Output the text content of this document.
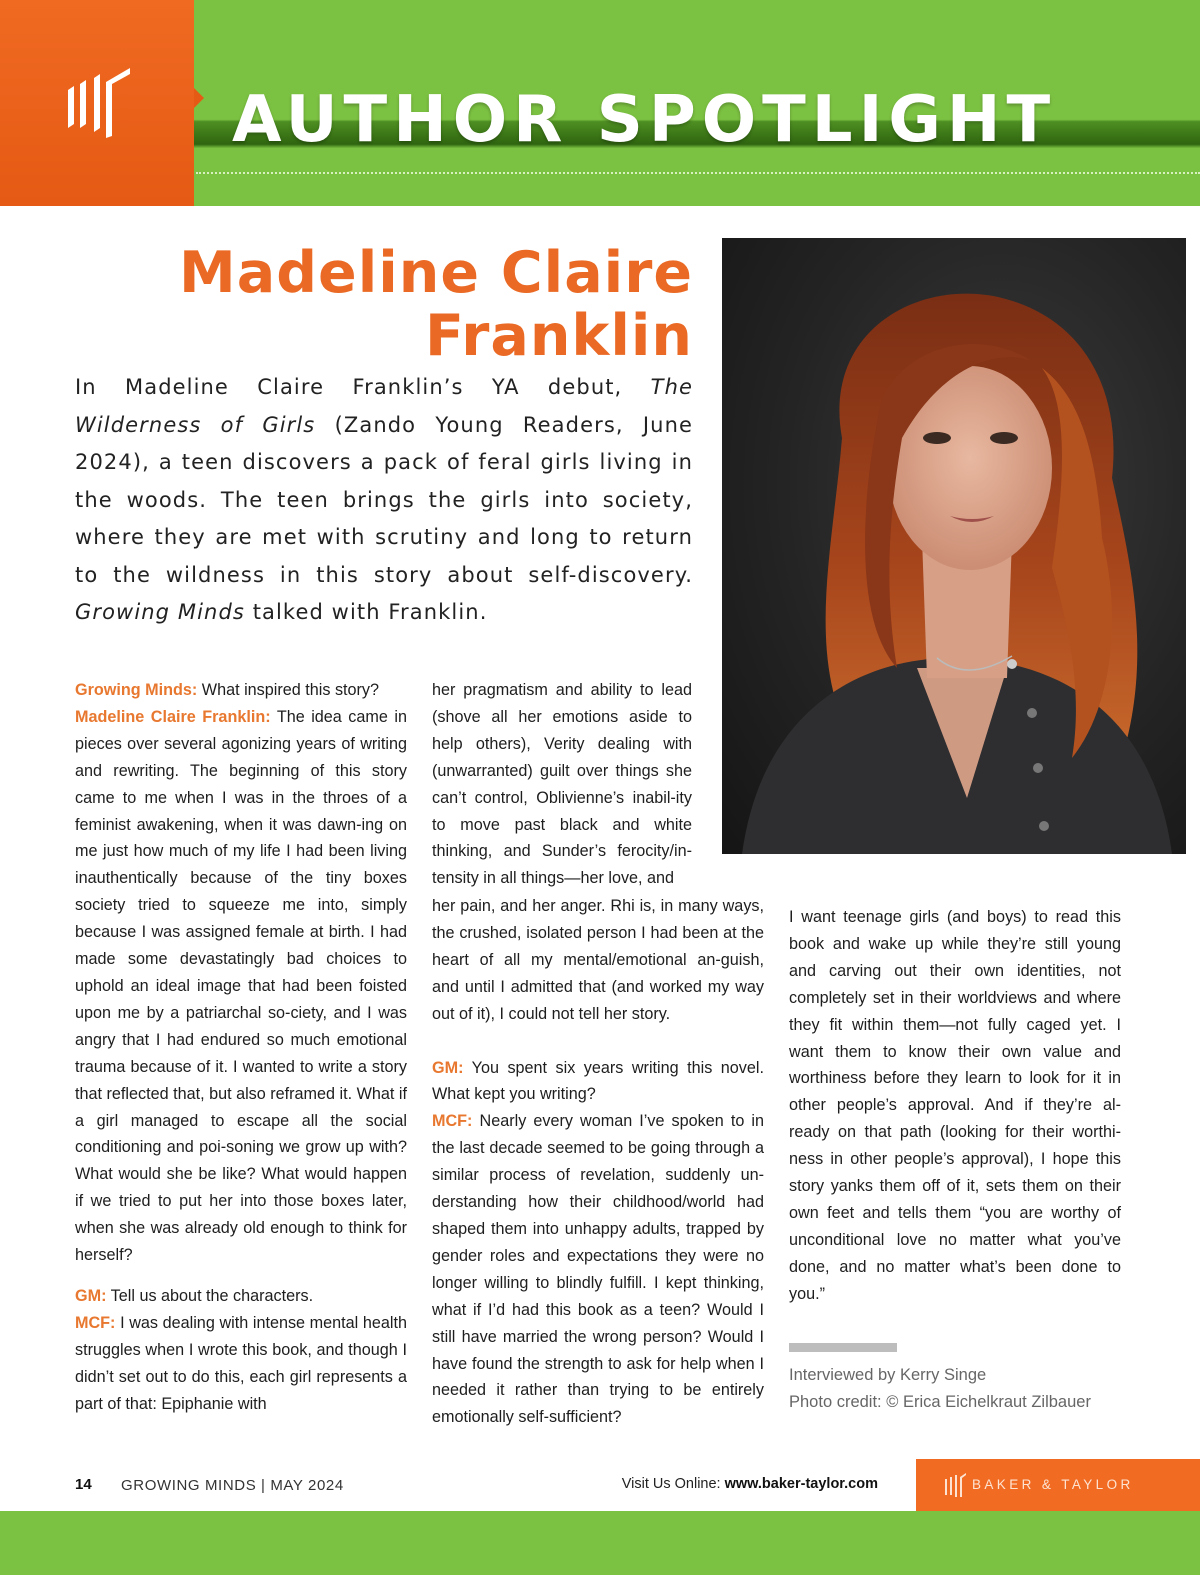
AUTHOR SPOTLIGHT
Madeline Claire
Franklin

In Madeline Claire Franklin’s YA debut, The Wilderness of Girls (Zando Young Readers, June 2024), a teen discovers a pack of feral girls living in the woods. The teen brings the girls into society, where they are met with scrutiny and long to return to the wildness in this story about self-discovery. Growing Minds talked with Franklin.

Growing Minds: What inspired this story?

Madeline Claire Franklin: The idea came in pieces over several agonizing years of writing and rewriting. The beginning of this story came to me when I was in the throes of a feminist awakening, when it was dawn-ing on me just how much of my life I had been living inauthentically because of the tiny boxes society tried to squeeze me into, simply because I was assigned female at birth. I had made some devastatingly bad choices to uphold an ideal image that had been foisted upon me by a patriarchal so-ciety, and I was angry that I had endured so much emotional trauma because of it. I wanted to write a story that reflected that, but also reframed it. What if a girl managed to escape all the social conditioning and poi-soning we grow up with? What would she be like? What would happen if we tried to put her into those boxes later, when she was already old enough to think for herself?

GM: Tell us about the characters.

MCF: I was dealing with intense mental health struggles when I wrote this book, and though I didn’t set out to do this, each girl represents a part of that: Epiphanie with

her pragmatism and ability to lead (shove all her emotions aside to help others), Verity dealing with (unwarranted) guilt over things she can’t control, Oblivienne’s inabil-ity to move past black and white thinking, and Sunder’s ferocity/in-tensity in all things—her love, and

her pain, and her anger. Rhi is, in many ways, the crushed, isolated person I had been at the heart of all my mental/emotional an-guish, and until I admitted that (and worked my way out of it), I could not tell her story.

GM: You spent six years writing this novel. What kept you writing?

MCF: Nearly every woman I’ve spoken to in the last decade seemed to be going through a similar process of revelation, suddenly un-derstanding how their childhood/world had shaped them into unhappy adults, trapped by gender roles and expectations they were no longer willing to blindly fulfill. I kept thinking, what if I’d had this book as a teen? Would I still have married the wrong person? Would I have found the strength to ask for help when I needed it rather than trying to be entirely emotionally self-sufficient?

I want teenage girls (and boys) to read this book and wake up while they’re still young and carving out their own identities, not completely set in their worldviews and where they fit within them—not fully caged yet. I want them to know their own value and worthiness before they learn to look for it in other people’s approval. And if they’re al-ready on that path (looking for their worthi-ness in other people’s approval), I hope this story yanks them off of it, sets them on their own feet and tells them “you are worthy of unconditional love no matter what you’ve done, and no matter what’s been done to you.”

Interviewed by Kerry Singe

Photo credit: © Erica Eichelkraut Zilbauer

14 GROWING MINDS | MAY 2024	Visit Us Online: www.baker-taylor.com	BAKER & TAYLOR
